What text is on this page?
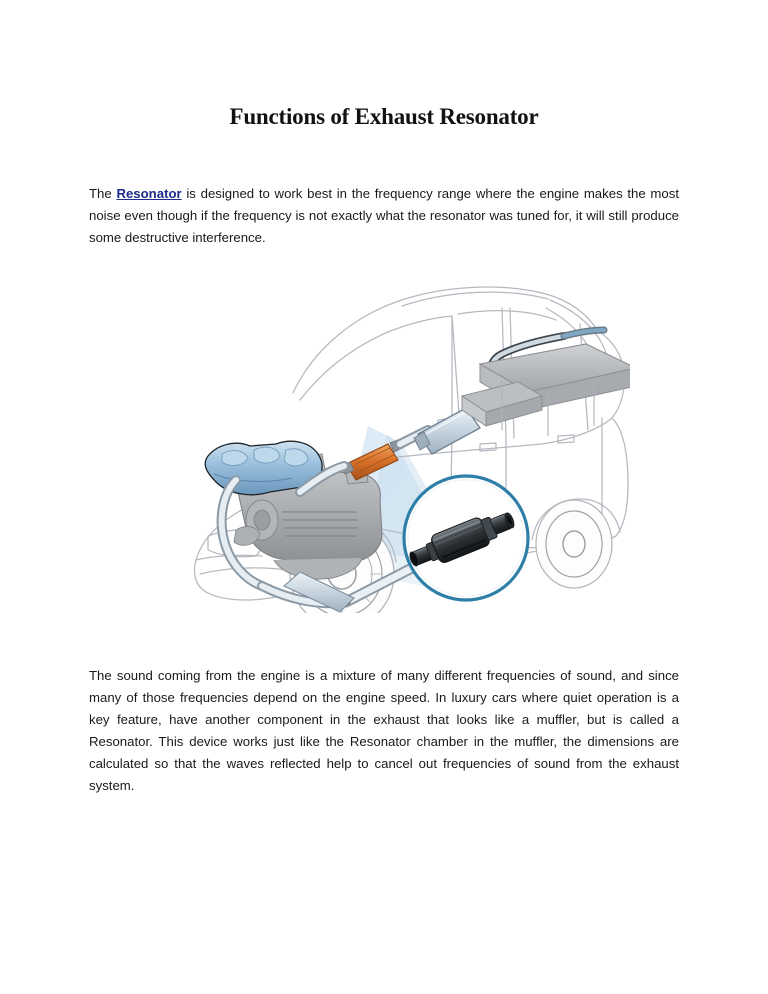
Functions of Exhaust Resonator

The Resonator is designed to work best in the frequency range where the engine makes the most noise even though if the frequency is not exactly what the resonator was tuned for, it will still produce some destructive interference.

The sound coming from the engine is a mixture of many different frequencies of sound, and since many of those frequencies depend on the engine speed. In luxury cars where quiet operation is a key feature, have another component in the exhaust that looks like a muffler, but is called a Resonator. This device works just like the Resonator chamber in the muffler, the dimensions are calculated so that the waves reflected help to cancel out frequencies of sound from the exhaust system.
